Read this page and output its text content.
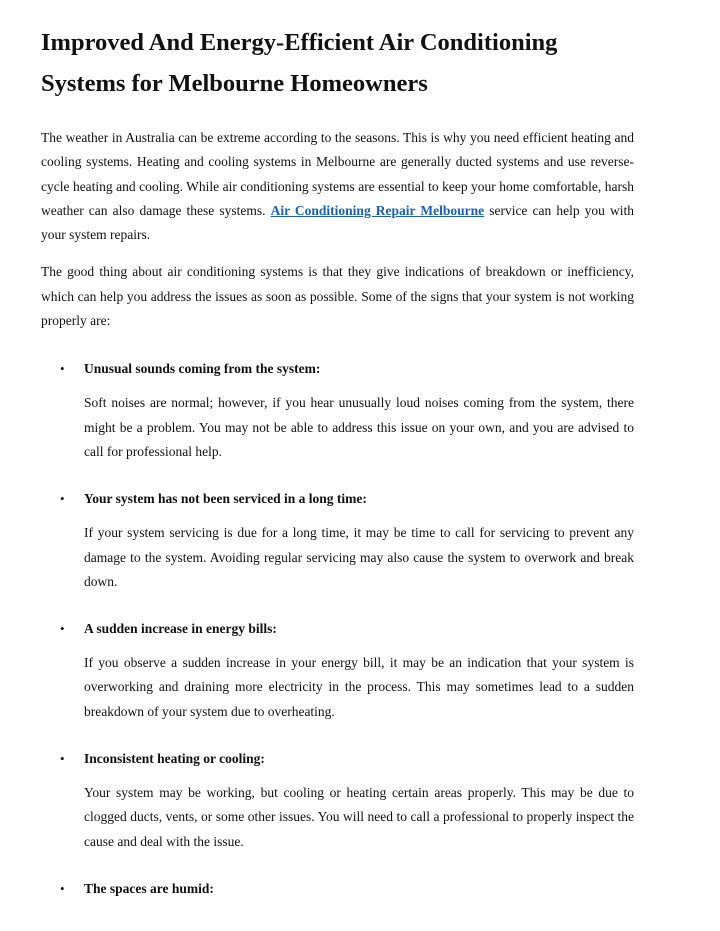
Improved And Energy-Efficient Air Conditioning Systems for Melbourne Homeowners

The weather in Australia can be extreme according to the seasons. This is why you need efficient heating and cooling systems. Heating and cooling systems in Melbourne are generally ducted systems and use reverse-cycle heating and cooling. While air conditioning systems are essential to keep your home comfortable, harsh weather can also damage these systems. Air Conditioning Repair Melbourne service can help you with your system repairs.

The good thing about air conditioning systems is that they give indications of breakdown or inefficiency, which can help you address the issues as soon as possible. Some of the signs that your system is not working properly are:

• Unusual sounds coming from the system:

Soft noises are normal; however, if you hear unusually loud noises coming from the system, there might be a problem. You may not be able to address this issue on your own, and you are advised to call for professional help.

• Your system has not been serviced in a long time:

If your system servicing is due for a long time, it may be time to call for servicing to prevent any damage to the system. Avoiding regular servicing may also cause the system to overwork and break down.

• A sudden increase in energy bills:

If you observe a sudden increase in your energy bill, it may be an indication that your system is overworking and draining more electricity in the process. This may sometimes lead to a sudden breakdown of your system due to overheating.

• Inconsistent heating or cooling:

Your system may be working, but cooling or heating certain areas properly. This may be due to clogged ducts, vents, or some other issues. You will need to call a professional to properly inspect the cause and deal with the issue.

• The spaces are humid:
